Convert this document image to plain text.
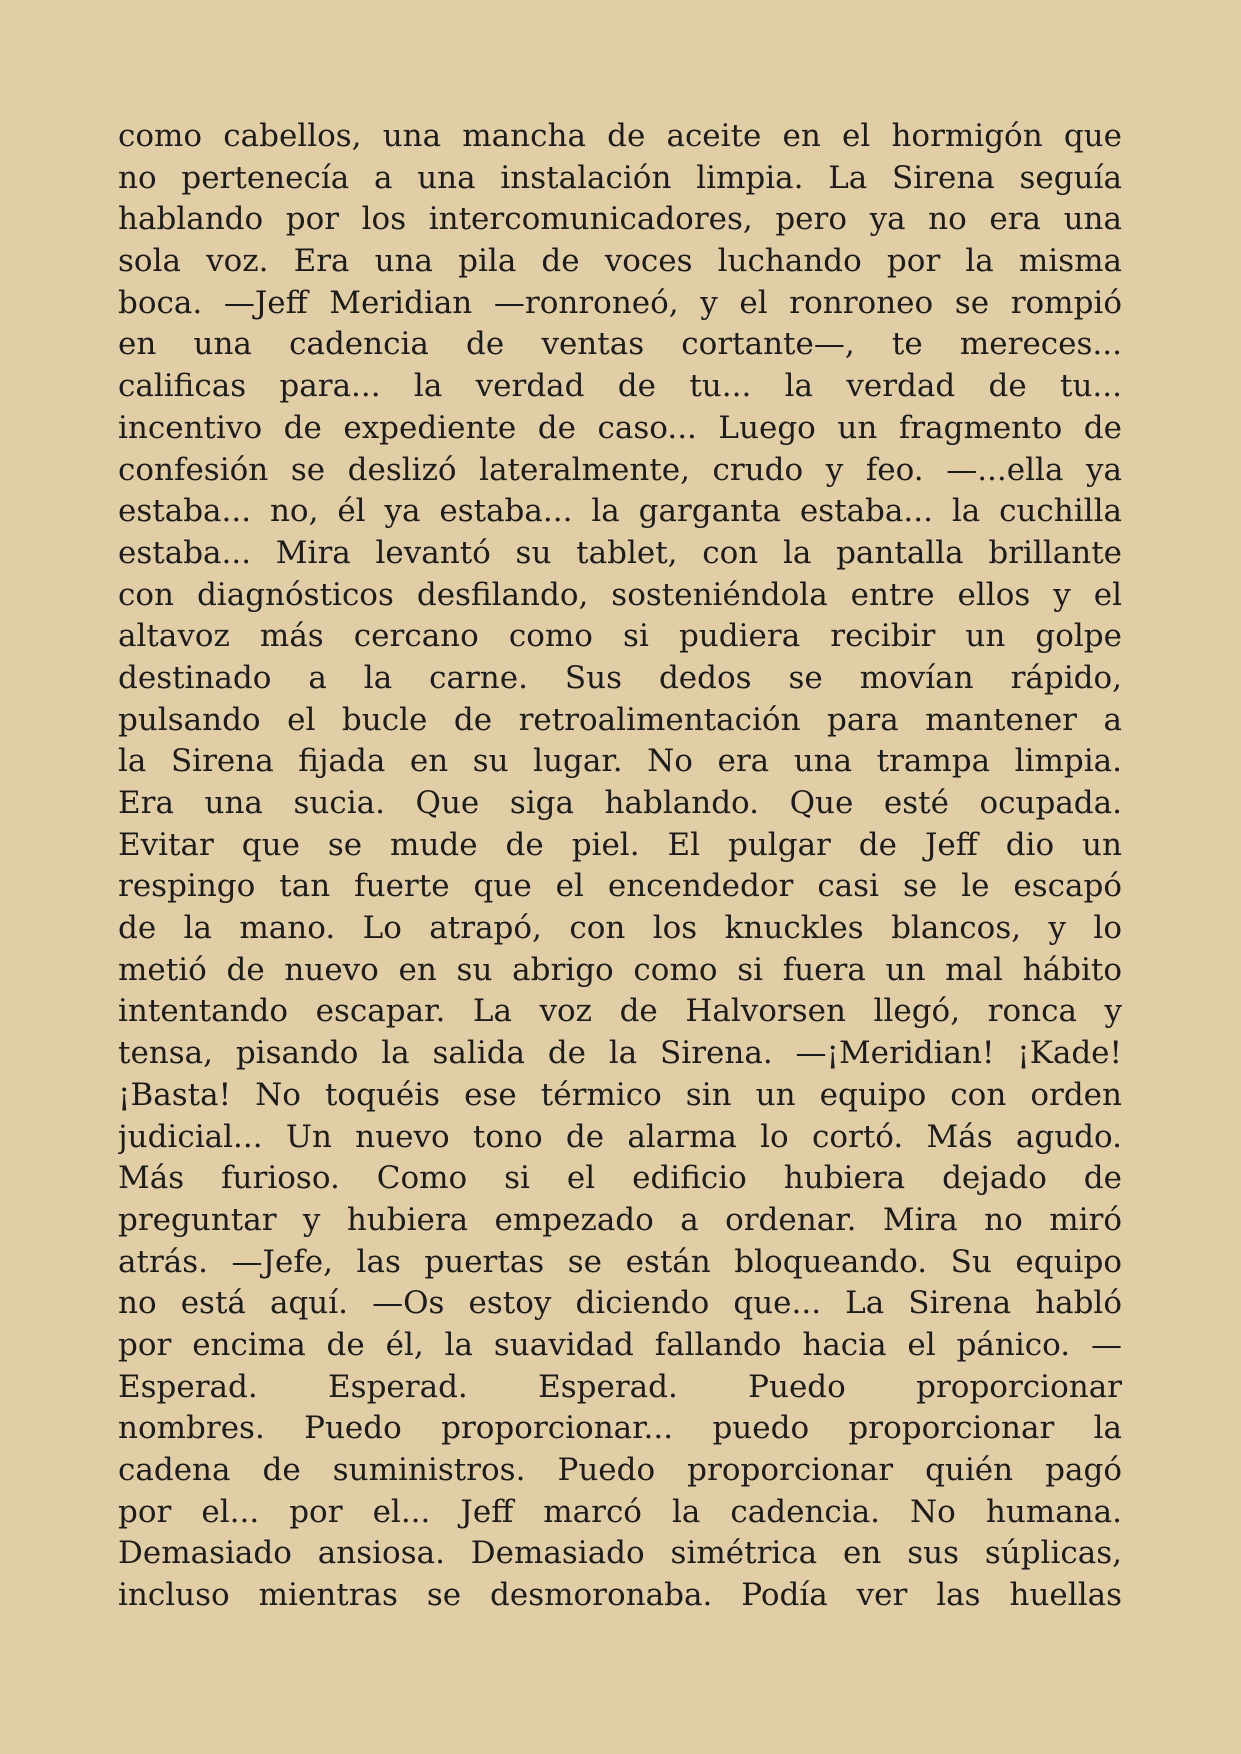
como cabellos, una mancha de aceite en el hormigón que
no pertenecía a una instalación limpia. La Sirena seguía
hablando por los intercomunicadores, pero ya no era una
sola voz. Era una pila de voces luchando por la misma
boca. —Jeff Meridian —ronroneó, y el ronroneo se rompió
en una cadencia de ventas cortante—, te mereces...
calificas para... la verdad de tu... la verdad de tu...
incentivo de expediente de caso... Luego un fragmento de
confesión se deslizó lateralmente, crudo y feo. —...ella ya
estaba... no, él ya estaba... la garganta estaba... la cuchilla
estaba... Mira levantó su tablet, con la pantalla brillante
con diagnósticos desfilando, sosteniéndola entre ellos y el
altavoz más cercano como si pudiera recibir un golpe
destinado a la carne. Sus dedos se movían rápido,
pulsando el bucle de retroalimentación para mantener a
la Sirena fijada en su lugar. No era una trampa limpia.
Era una sucia. Que siga hablando. Que esté ocupada.
Evitar que se mude de piel. El pulgar de Jeff dio un
respingo tan fuerte que el encendedor casi se le escapó
de la mano. Lo atrapó, con los knuckles blancos, y lo
metió de nuevo en su abrigo como si fuera un mal hábito
intentando escapar. La voz de Halvorsen llegó, ronca y
tensa, pisando la salida de la Sirena. —¡Meridian! ¡Kade!
¡Basta! No toquéis ese térmico sin un equipo con orden
judicial... Un nuevo tono de alarma lo cortó. Más agudo.
Más furioso. Como si el edificio hubiera dejado de
preguntar y hubiera empezado a ordenar. Mira no miró
atrás. —Jefe, las puertas se están bloqueando. Su equipo
no está aquí. —Os estoy diciendo que... La Sirena habló
por encima de él, la suavidad fallando hacia el pánico. —
Esperad. Esperad. Esperad. Puedo proporcionar
nombres. Puedo proporcionar... puedo proporcionar la
cadena de suministros. Puedo proporcionar quién pagó
por el... por el... Jeff marcó la cadencia. No humana.
Demasiado ansiosa. Demasiado simétrica en sus súplicas,
incluso mientras se desmoronaba. Podía ver las huellas
